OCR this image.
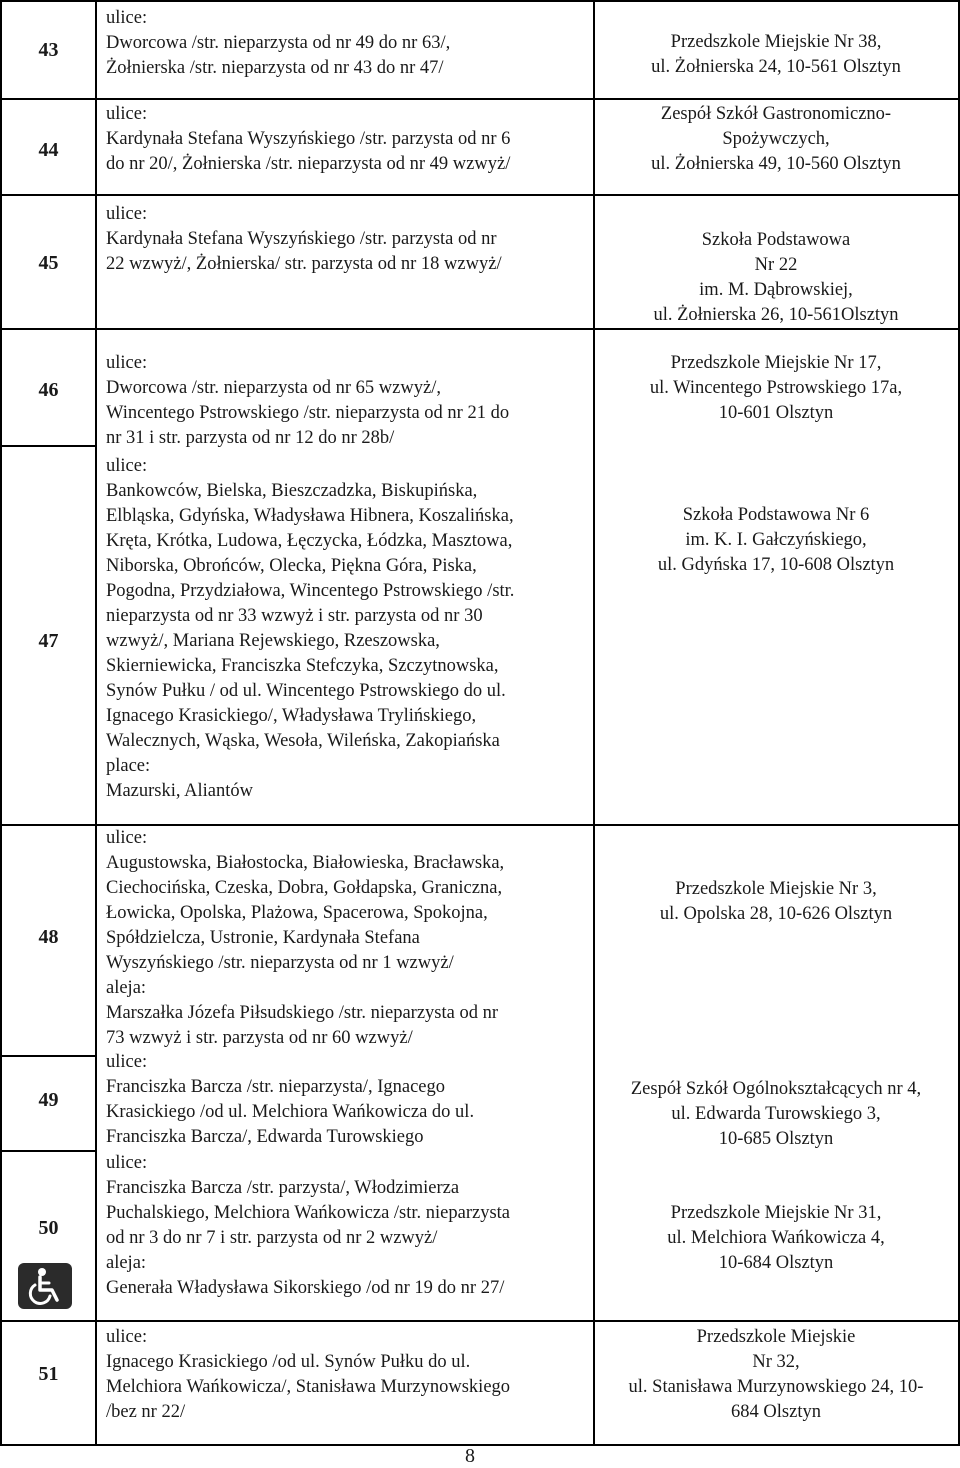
43
ulice:
Dworcowa /str. nieparzysta od nr 49 do nr 63/,
Żołnierska /str. nieparzysta od nr 43 do nr 47/
Przedszkole Miejskie Nr 38,
ul. Żołnierska 24, 10-561 Olsztyn
44
ulice:
Kardynała Stefana Wyszyńskiego /str. parzysta od nr 6
do nr 20/, Żołnierska /str. nieparzysta od nr 49 wzwyż/
Zespół Szkół Gastronomiczno-
Spożywczych,
ul. Żołnierska 49, 10-560 Olsztyn
45
ulice:
Kardynała Stefana Wyszyńskiego /str. parzysta od nr
22 wzwyż/, Żołnierska/ str. parzysta od nr 18 wzwyż/
Szkoła Podstawowa
Nr 22
im. M. Dąbrowskiej,
ul. Żołnierska 26, 10-561Olsztyn
46
ulice:
Dworcowa /str. nieparzysta od nr 65 wzwyż/,
Wincentego Pstrowskiego /str. nieparzysta od nr 21 do
nr 31 i str. parzysta od nr 12 do nr 28b/
Przedszkole Miejskie Nr 17,
ul. Wincentego Pstrowskiego 17a,
10-601 Olsztyn
47
ulice:
Bankowców, Bielska, Bieszczadzka, Biskupińska,
Elbląska, Gdyńska, Władysława Hibnera, Koszalińska,
Kręta, Krótka, Ludowa, Łęczycka, Łódzka, Masztowa,
Niborska, Obrońców, Olecka, Piękna Góra, Piska,
Pogodna, Przydziałowa, Wincentego Pstrowskiego /str.
nieparzysta od nr 33 wzwyż i str. parzysta od nr 30
wzwyż/, Mariana Rejewskiego, Rzeszowska,
Skierniewicka, Franciszka Stefczyka, Szczytnowska,
Synów Pułku / od ul. Wincentego Pstrowskiego do ul.
Ignacego Krasickiego/, Władysława Trylińskiego,
Walecznych, Wąska, Wesoła, Wileńska, Zakopiańska
place:
Mazurski, Aliantów
Szkoła Podstawowa Nr 6
im. K. I. Gałczyńskiego,
ul. Gdyńska 17, 10-608 Olsztyn
48
ulice:
Augustowska, Białostocka, Białowieska, Bracławska,
Ciechocińska, Czeska, Dobra, Gołdapska, Graniczna,
Łowicka, Opolska, Plażowa, Spacerowa, Spokojna,
Spółdzielcza, Ustronie, Kardynała Stefana
Wyszyńskiego /str. nieparzysta od nr 1 wzwyż/
aleja:
Marszałka Józefa Piłsudskiego /str. nieparzysta od nr
73 wzwyż i str. parzysta od nr 60 wzwyż/
Przedszkole Miejskie Nr 3,
ul. Opolska 28, 10-626 Olsztyn
49
ulice:
Franciszka Barcza /str. nieparzysta/, Ignacego
Krasickiego /od ul. Melchiora Wańkowicza do ul.
Franciszka Barcza/, Edwarda Turowskiego
Zespół Szkół Ogólnokształcących nr 4,
ul. Edwarda Turowskiego 3,
10-685 Olsztyn
50
ulice:
Franciszka Barcza /str. parzysta/, Włodzimierza
Puchalskiego, Melchiora Wańkowicza /str. nieparzysta
od nr 3 do nr 7 i str. parzysta od nr 2 wzwyż/
aleja:
Generała Władysława Sikorskiego /od nr 19 do nr 27/
Przedszkole Miejskie Nr 31,
ul. Melchiora Wańkowicza 4,
10-684 Olsztyn
51
ulice:
Ignacego Krasickiego /od ul. Synów Pułku do ul.
Melchiora Wańkowicza/, Stanisława Murzynowskiego
/bez nr 22/
Przedszkole Miejskie
Nr 32,
ul. Stanisława Murzynowskiego 24, 10-
684 Olsztyn
8
